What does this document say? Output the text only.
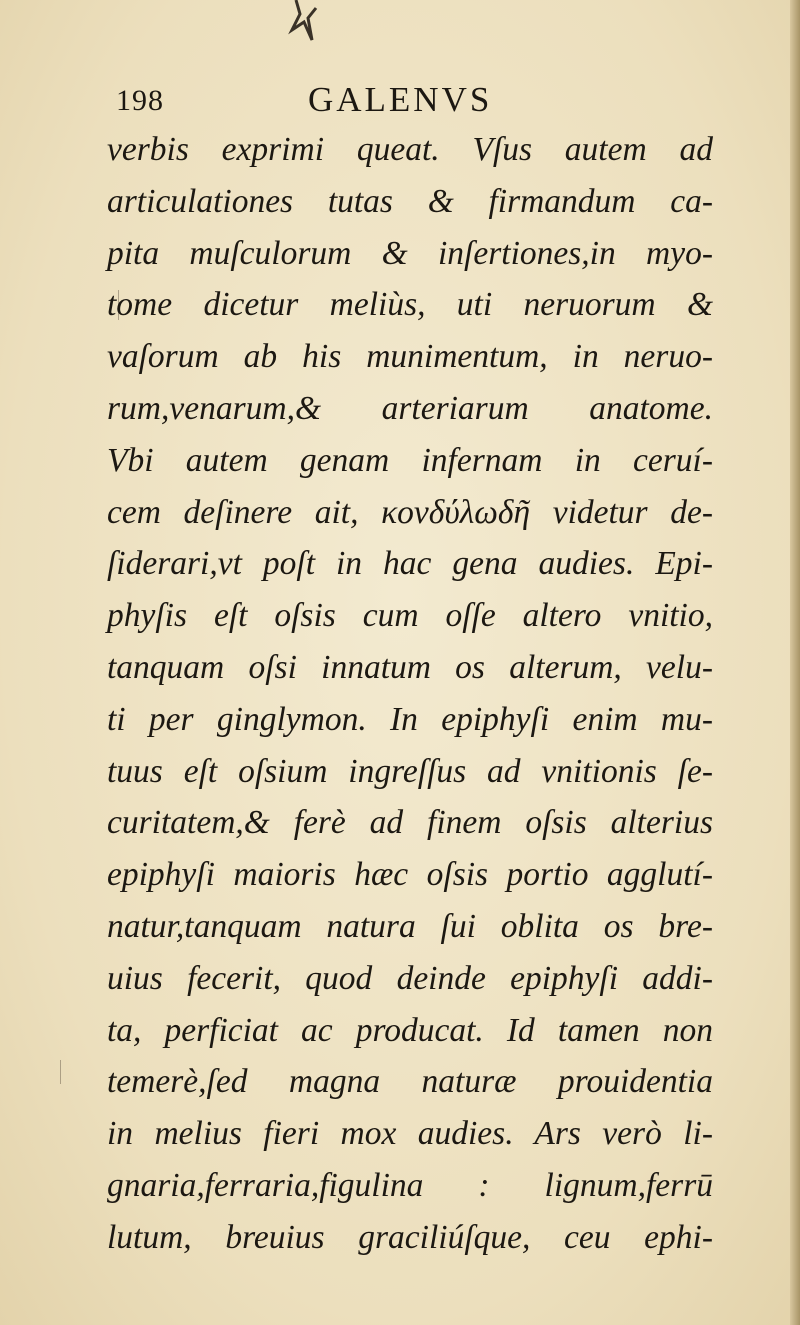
198	GALENVS
verbis exprimi queat. Vſus autem ad
articulationes tutas & firmandum ca-
pita muſculorum & inſertiones,in myo-
tome dicetur meliùs, uti neruorum &
vaſorum ab his munimentum, in neruo-
rum,venarum,& arteriarum anatome.
Vbi autem genam infernam in ceruí-
cem deſinere ait, κονδύλωδῆ videtur de-
ſiderari,vt poſt in hac gena audies. Epi-
phyſis eſt oſsis cum oſſe altero vnitio,
tanquam oſsi innatum os alterum, velu-
ti per ginglymon. In epiphyſi enim mu-
tuus eſt oſsium ingreſſus ad vnitionis ſe-
curitatem,& ferè ad finem oſsis alterius
epiphyſi maioris hæc oſsis portio agglutí-
natur,tanquam natura ſui oblita os bre-
uius fecerit, quod deinde epiphyſi addi-
ta, perficiat ac producat. Id tamen non
temerè,ſed magna naturæ prouidentia
in melius fieri mox audies. Ars verò li-
gnaria,ferraria,figulina : lignum,ferrū
lutum, breuius graciliúſque, ceu ephi-
